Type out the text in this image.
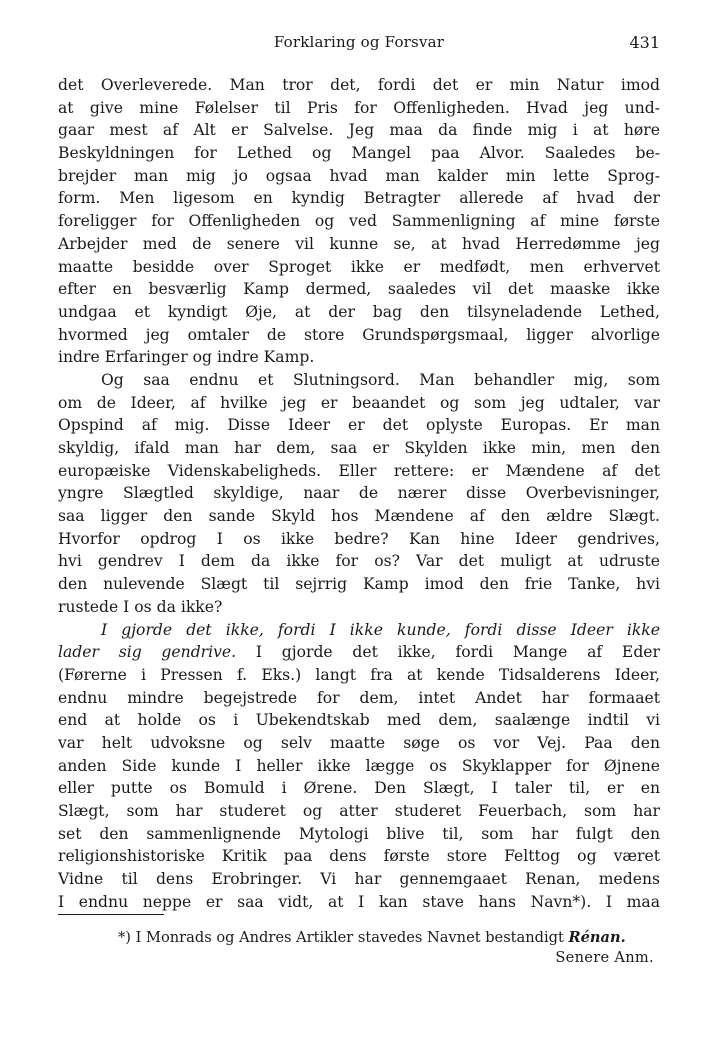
Forklaring og Forsvar	431
det Overleverede. Man tror det, fordi det er min Natur imod
at give mine Følelser til Pris for Offenligheden. Hvad jeg und-
gaar mest af Alt er Salvelse. Jeg maa da finde mig i at høre
Beskyldningen for Lethed og Mangel paa Alvor. Saaledes be-
brejder man mig jo ogsaa hvad man kalder min lette Sprog-
form. Men ligesom en kyndig Betragter allerede af hvad der
foreligger for Offenligheden og ved Sammenligning af mine første
Arbejder med de senere vil kunne se, at hvad Herredømme jeg
maatte besidde over Sproget ikke er medfødt, men erhvervet
efter en besværlig Kamp dermed, saaledes vil det maaske ikke
undgaa et kyndigt Øje, at der bag den tilsyneladende Lethed,
hvormed jeg omtaler de store Grundspørgsmaal, ligger alvorlige
indre Erfaringer og indre Kamp.
Og saa endnu et Slutningsord. Man behandler mig, som
om de Ideer, af hvilke jeg er beaandet og som jeg udtaler, var
Opspind af mig. Disse Ideer er det oplyste Europas. Er man
skyldig, ifald man har dem, saa er Skylden ikke min, men den
europæiske Videnskabeligheds. Eller rettere: er Mændene af det
yngre Slægtled skyldige, naar de nærer disse Overbevisninger,
saa ligger den sande Skyld hos Mændene af den ældre Slægt.
Hvorfor opdrog I os ikke bedre? Kan hine Ideer gendrives,
hvi gendrev I dem da ikke for os? Var det muligt at udruste
den nulevende Slægt til sejrrig Kamp imod den frie Tanke, hvi
rustede I os da ikke?
I gjorde det ikke, fordi I ikke kunde, fordi disse Ideer ikke
lader sig gendrive. I gjorde det ikke, fordi Mange af Eder
(Førerne i Pressen f. Eks.) langt fra at kende Tidsalderens Ideer,
endnu mindre begejstrede for dem, intet Andet har formaaet
end at holde os i Ubekendtskab med dem, saalænge indtil vi
var helt udvoksne og selv maatte søge os vor Vej. Paa den
anden Side kunde I heller ikke lægge os Skyklapper for Øjnene
eller putte os Bomuld i Ørene. Den Slægt, I taler til, er en
Slægt, som har studeret og atter studeret Feuerbach, som har
set den sammenlignende Mytologi blive til, som har fulgt den
religionshistoriske Kritik paa dens første store Felttog og været
Vidne til dens Erobringer. Vi har gennemgaaet Renan, medens
I endnu neppe er saa vidt, at I kan stave hans Navn*). I maa
*) I Monrads og Andres Artikler stavedes Navnet bestandigt Rénan.
Senere Anm.
